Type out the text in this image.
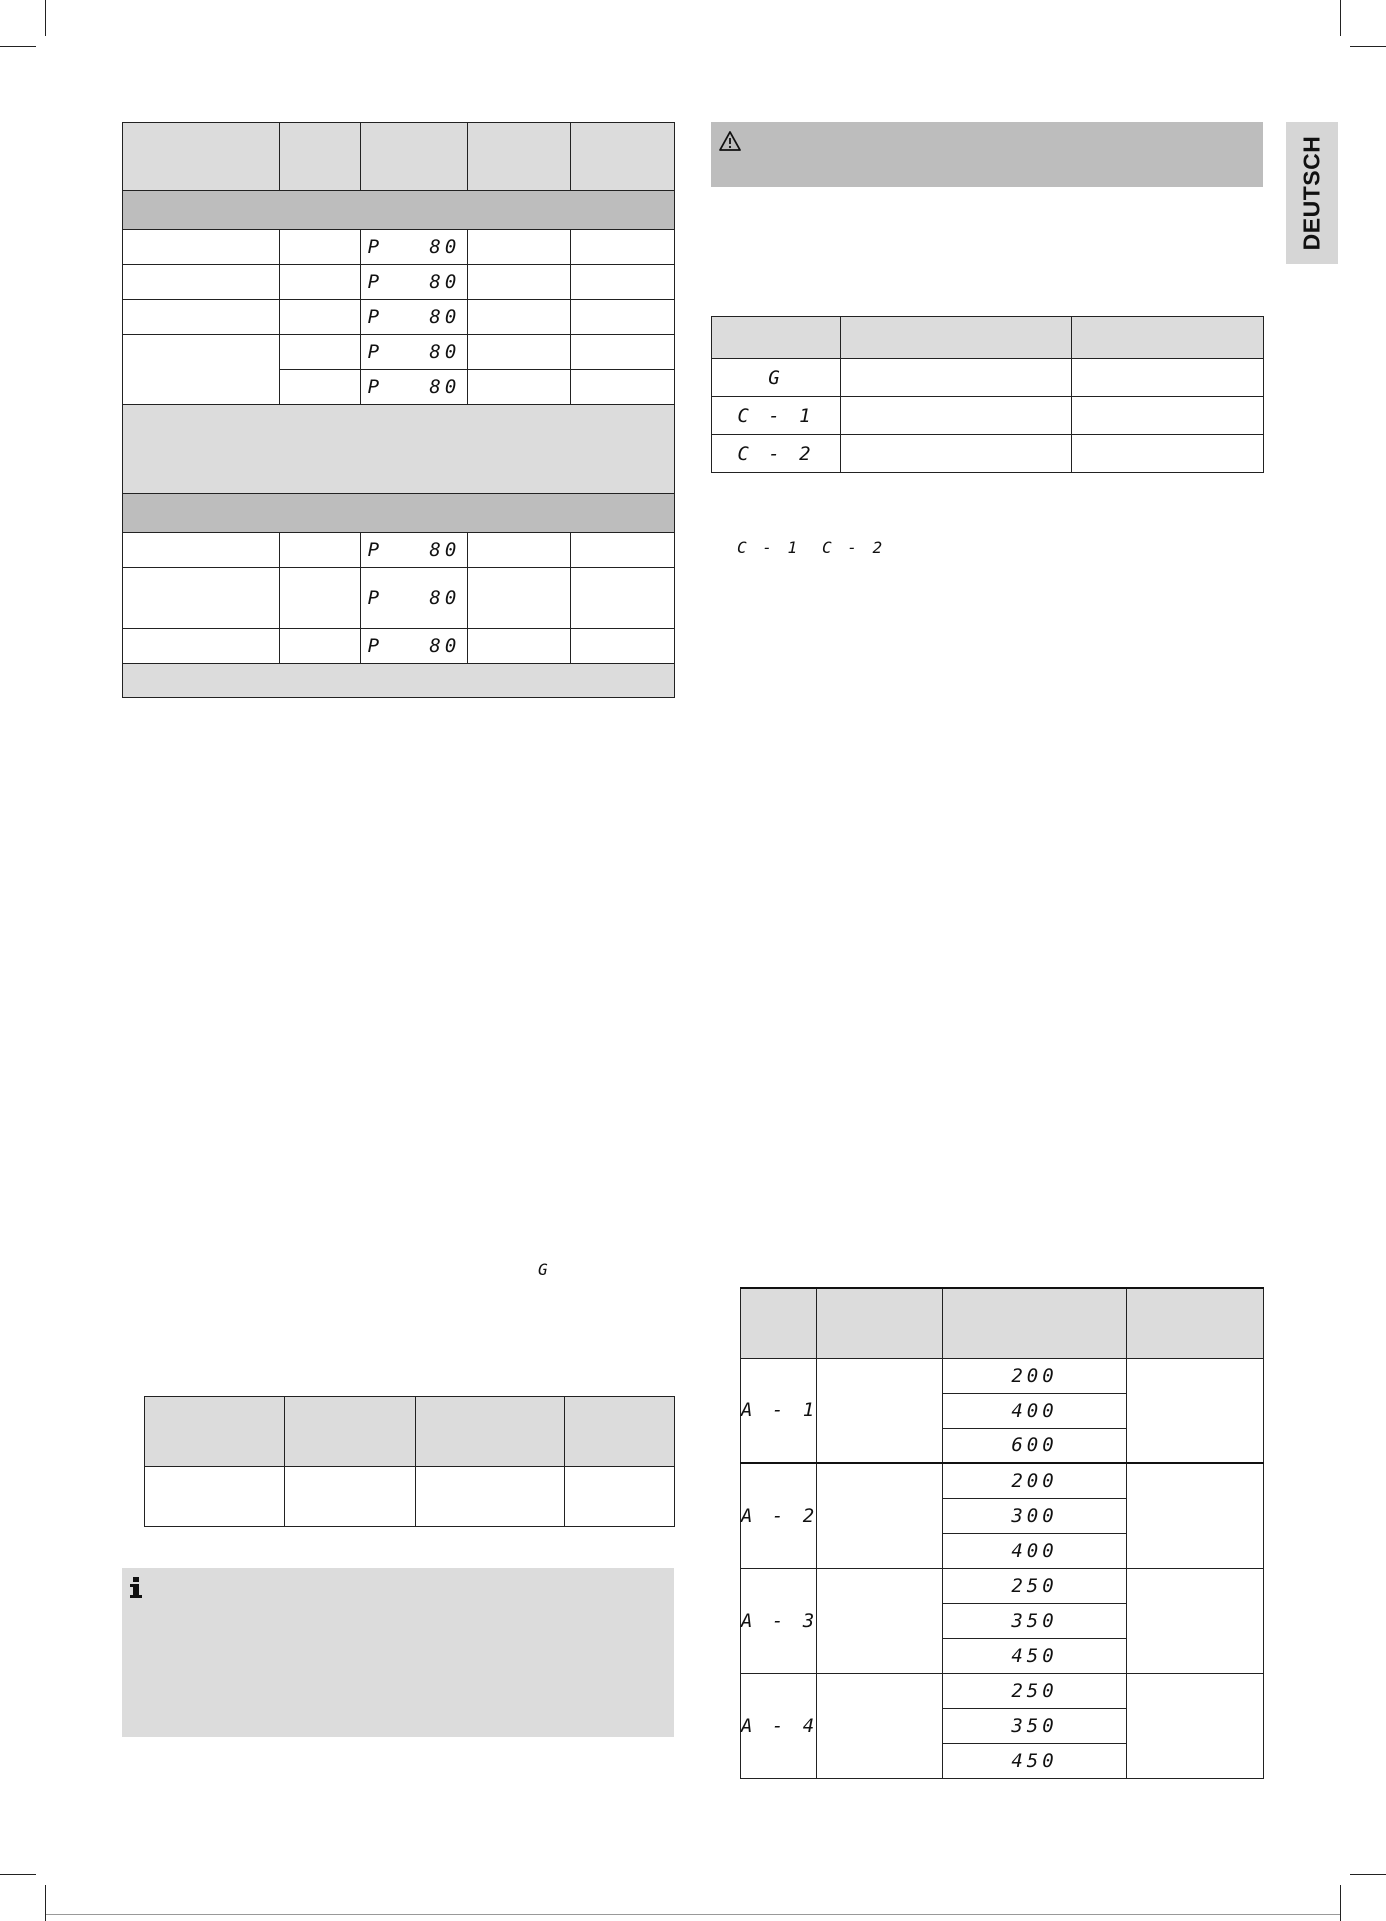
DEUTSCH

		P   80		
		P   80		
		P   80		
		P   80		
		P   80		

		P   80		
		P   80		
		P   80		

G		
C - 1		
C - 2		
C - 1 C - 2
G

A - 1		200	
		400	
		600	
A - 2		200	
		300	
		400	
A - 3		250	
		350	
		450	
A - 4		250	
		350	
		450	
